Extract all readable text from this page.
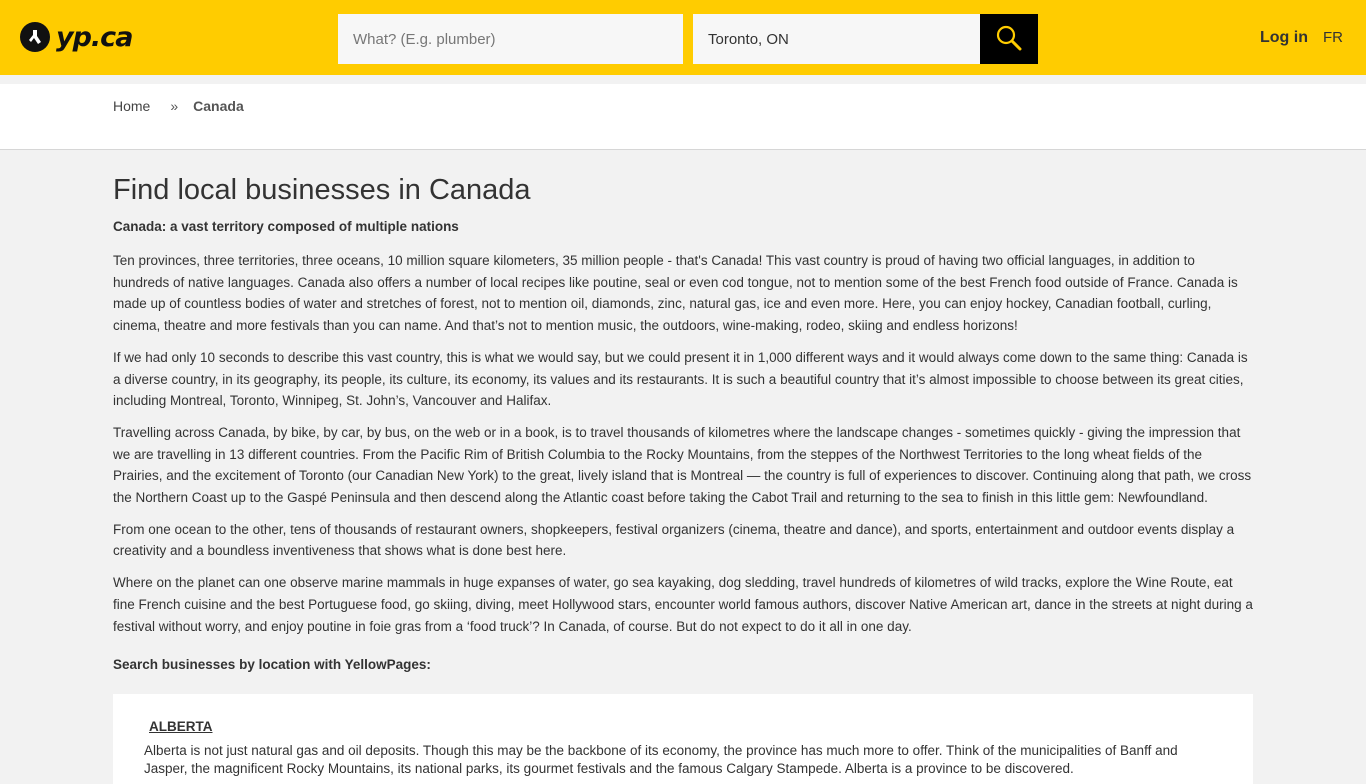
yp.ca
What? (E.g. plumber)
Toronto, ON	Log in FR
Home » Canada
Find local businesses in Canada

Canada: a vast territory composed of multiple nations

Ten provinces, three territories, three oceans, 10 million square kilometers, 35 million people - that's Canada! This vast country is proud of having two official languages, in addition to hundreds of native languages. Canada also offers a number of local recipes like poutine, seal or even cod tongue, not to mention some of the best French food outside of France. Canada is made up of countless bodies of water and stretches of forest, not to mention oil, diamonds, zinc, natural gas, ice and even more. Here, you can enjoy hockey, Canadian football, curling, cinema, theatre and more festivals than you can name. And that’s not to mention music, the outdoors, wine-making, rodeo, skiing and endless horizons!

If we had only 10 seconds to describe this vast country, this is what we would say, but we could present it in 1,000 different ways and it would always come down to the same thing: Canada is a diverse country, in its geography, its people, its culture, its economy, its values and its restaurants. It is such a beautiful country that it’s almost impossible to choose between its great cities, including Montreal, Toronto, Winnipeg, St. John’s, Vancouver and Halifax.

Travelling across Canada, by bike, by car, by bus, on the web or in a book, is to travel thousands of kilometres where the landscape changes - sometimes quickly - giving the impression that we are travelling in 13 different countries. From the Pacific Rim of British Columbia to the Rocky Mountains, from the steppes of the Northwest Territories to the long wheat fields of the Prairies, and the excitement of Toronto (our Canadian New York) to the great, lively island that is Montreal — the country is full of experiences to discover. Continuing along that path, we cross the Northern Coast up to the Gaspé Peninsula and then descend along the Atlantic coast before taking the Cabot Trail and returning to the sea to finish in this little gem: Newfoundland.

From one ocean to the other, tens of thousands of restaurant owners, shopkeepers, festival organizers (cinema, theatre and dance), and sports, entertainment and outdoor events display a creativity and a boundless inventiveness that shows what is done best here.

Where on the planet can one observe marine mammals in huge expanses of water, go sea kayaking, dog sledding, travel hundreds of kilometres of wild tracks, explore the Wine Route, eat fine French cuisine and the best Portuguese food, go skiing, diving, meet Hollywood stars, encounter world famous authors, discover Native American art, dance in the streets at night during a festival without worry, and enjoy poutine in foie gras from a ‘food truck’? In Canada, of course. But do not expect to do it all in one day.

Search businesses by location with YellowPages:

ALBERTA

Alberta is not just natural gas and oil deposits. Though this may be the backbone of its economy, the province has much more to offer. Think of the municipalities of Banff and Jasper, the magnificent Rocky Mountains, its national parks, its gourmet festivals and the famous Calgary Stampede. Alberta is a province to be discovered.
